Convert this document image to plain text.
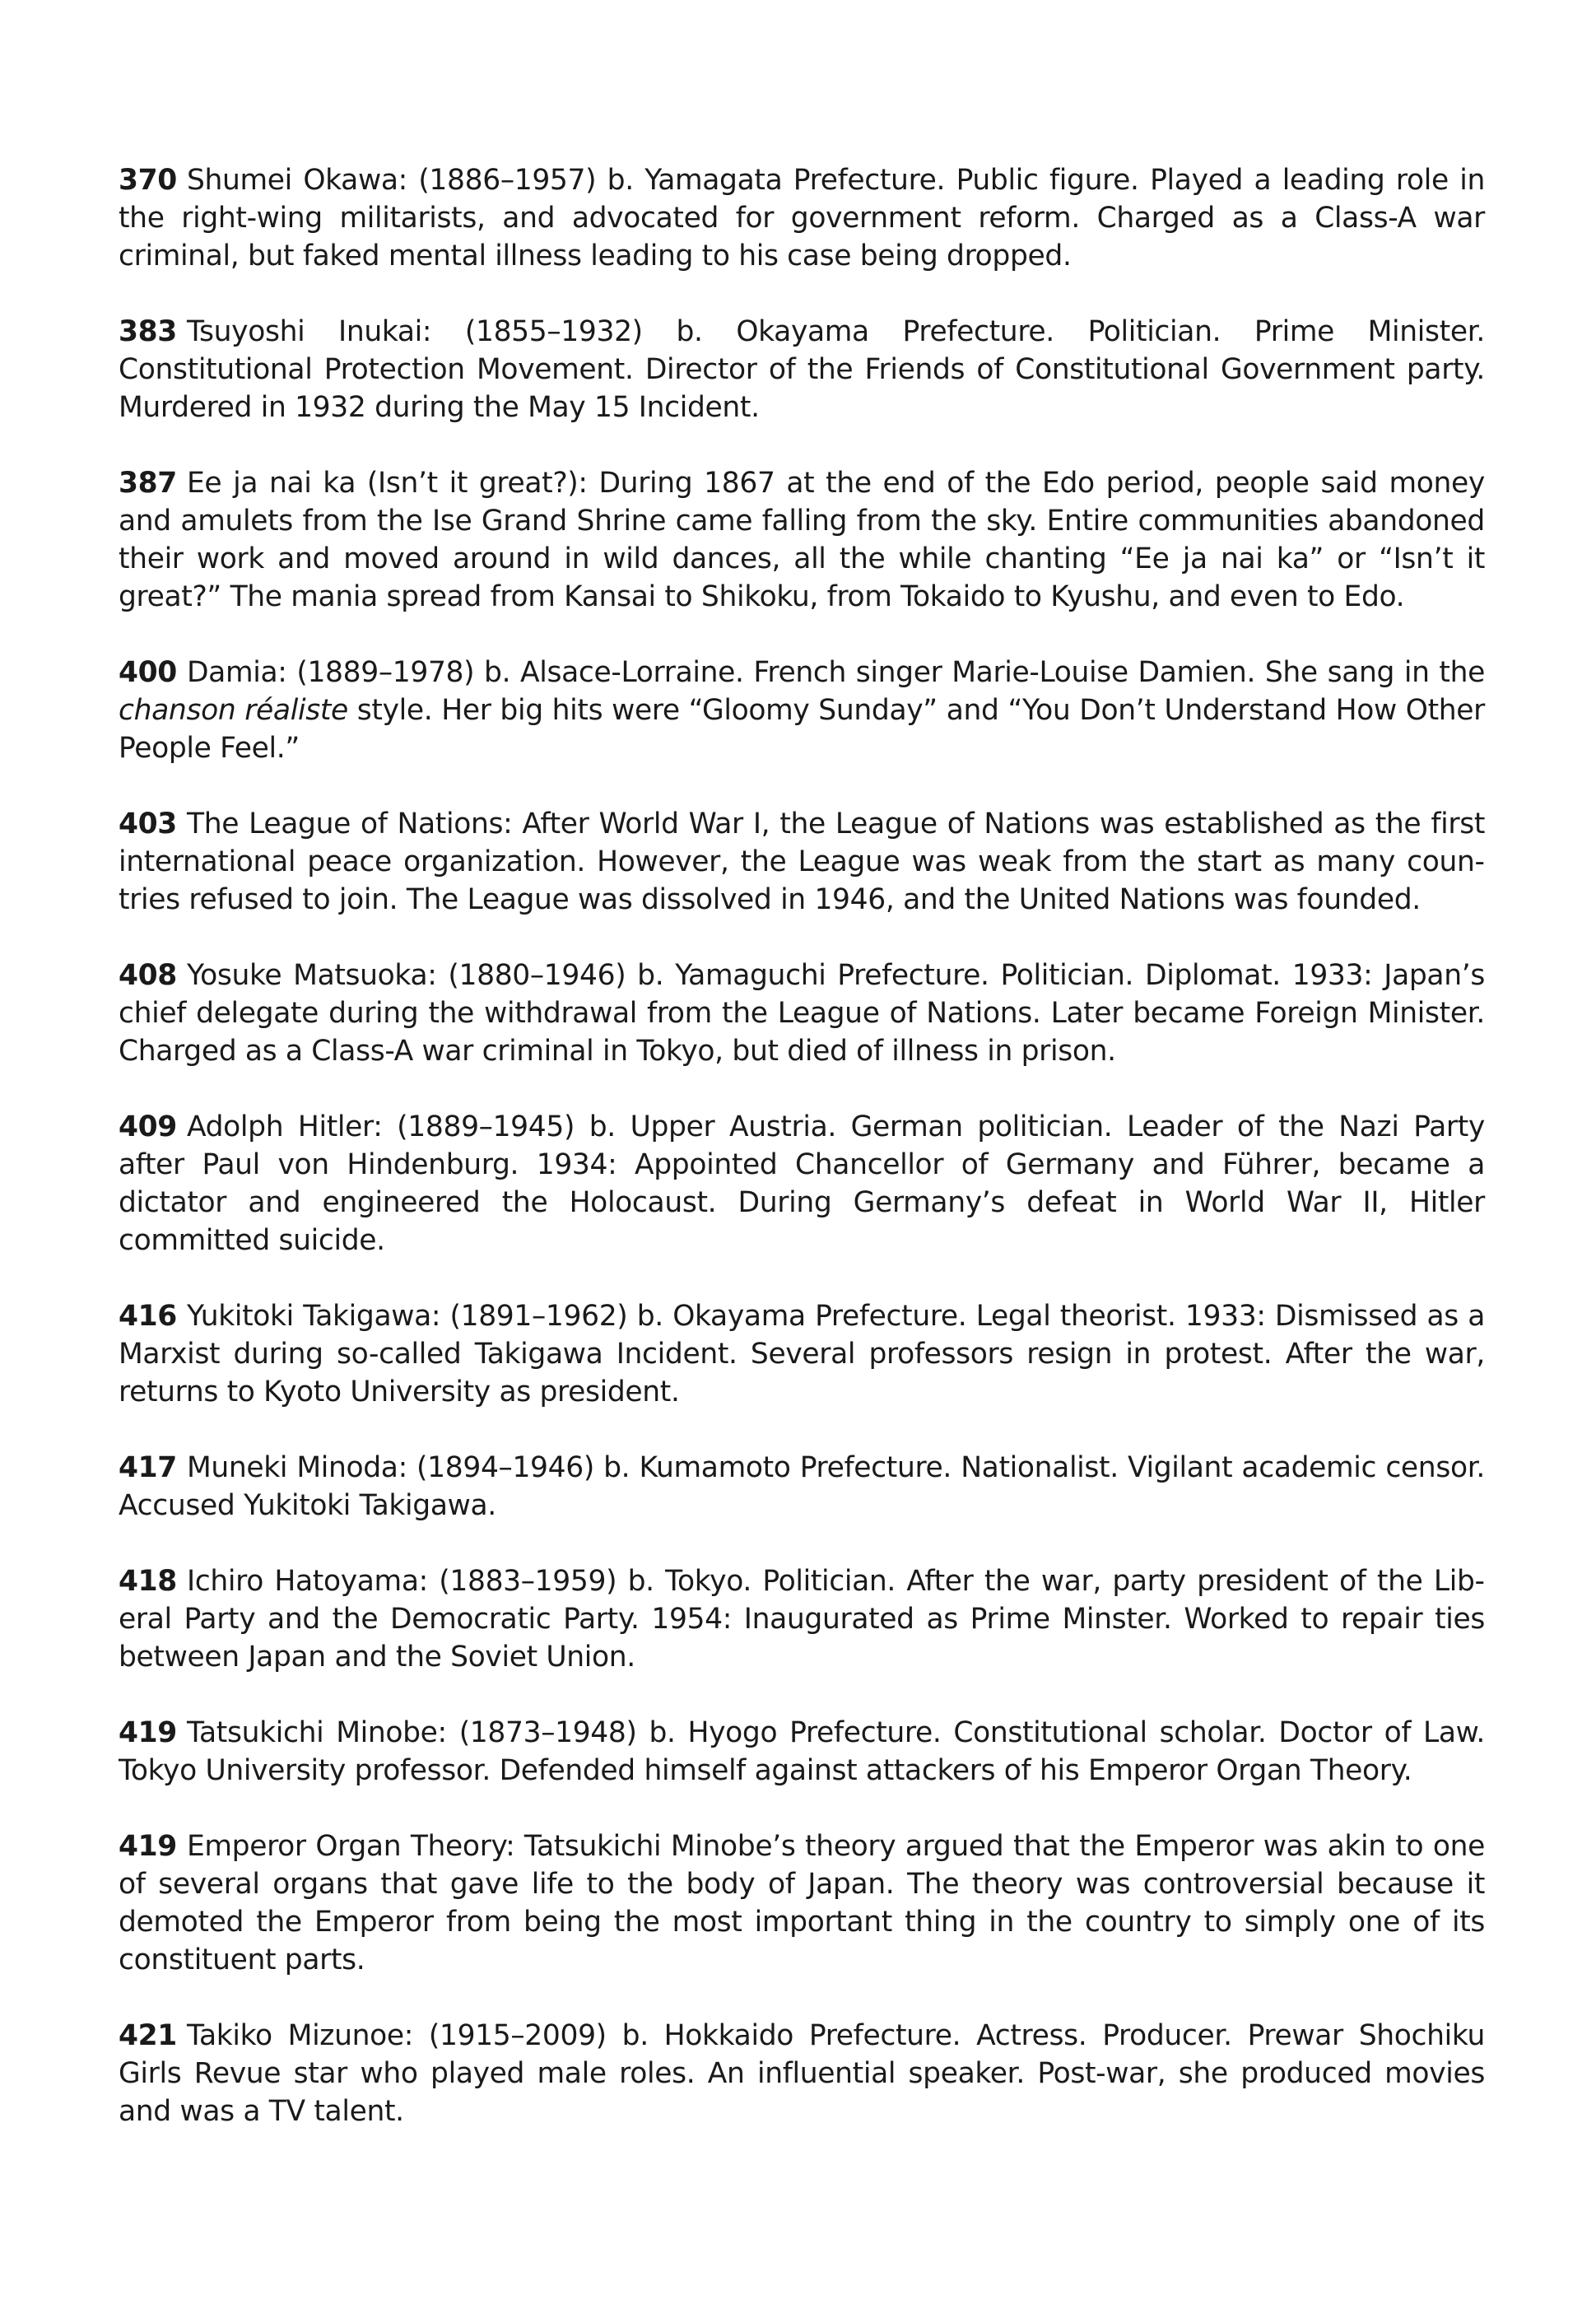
370 Shumei Okawa: (1886–1957) b. Yamagata Prefecture. Public figure. Played a leading role in the right-wing militarists, and advocated for government reform. Charged as a Class-A war criminal, but faked mental illness leading to his case being dropped.

383 Tsuyoshi Inukai: (1855–1932) b. Okayama Prefecture. Politician. Prime Minister. Constitutional Protection Movement. Director of the Friends of Constitutional Government party. Murdered in 1932 during the May 15 Incident.

387 Ee ja nai ka (Isn’t it great?): During 1867 at the end of the Edo period, people said money and amulets from the Ise Grand Shrine came falling from the sky. Entire communities abandoned their work and moved around in wild dances, all the while chanting “Ee ja nai ka” or “Isn’t it great?” The mania spread from Kansai to Shikoku, from Tokaido to Kyushu, and even to Edo.

400 Damia: (1889–1978) b. Alsace-Lorraine. French singer Marie-Louise Damien. She sang in the chanson réaliste style. Her big hits were “Gloomy Sunday” and “You Don’t Understand How Other People Feel.”

403 The League of Nations: After World War I, the League of Nations was established as the first international peace organization. However, the League was weak from the start as many countries refused to join. The League was dissolved in 1946, and the United Nations was founded.

408 Yosuke Matsuoka: (1880–1946) b. Yamaguchi Prefecture. Politician. Diplomat. 1933: Japan’s chief delegate during the withdrawal from the League of Nations. Later became Foreign Minister. Charged as a Class-A war criminal in Tokyo, but died of illness in prison.

409 Adolph Hitler: (1889–1945) b. Upper Austria. German politician. Leader of the Nazi Party after Paul von Hindenburg. 1934: Appointed Chancellor of Germany and Führer, became a dictator and engineered the Holocaust. During Germany’s defeat in World War II, Hitler committed suicide.

416 Yukitoki Takigawa: (1891–1962) b. Okayama Prefecture. Legal theorist. 1933: Dismissed as a Marxist during so-called Takigawa Incident. Several professors resign in protest. After the war, returns to Kyoto University as president.

417 Muneki Minoda: (1894–1946) b. Kumamoto Prefecture. Nationalist. Vigilant academic censor. Accused Yukitoki Takigawa.

418 Ichiro Hatoyama: (1883–1959) b. Tokyo. Politician. After the war, party president of the Liberal Party and the Democratic Party. 1954: Inaugurated as Prime Minster. Worked to repair ties between Japan and the Soviet Union.

419 Tatsukichi Minobe: (1873–1948) b. Hyogo Prefecture. Constitutional scholar. Doctor of Law. Tokyo University professor. Defended himself against attackers of his Emperor Organ Theory.

419 Emperor Organ Theory: Tatsukichi Minobe’s theory argued that the Emperor was akin to one of several organs that gave life to the body of Japan. The theory was controversial because it demoted the Emperor from being the most important thing in the country to simply one of its constituent parts.

421 Takiko Mizunoe: (1915–2009) b. Hokkaido Prefecture. Actress. Producer. Prewar Shochiku Girls Revue star who played male roles. An influential speaker. Post-war, she produced movies and was a TV talent.
